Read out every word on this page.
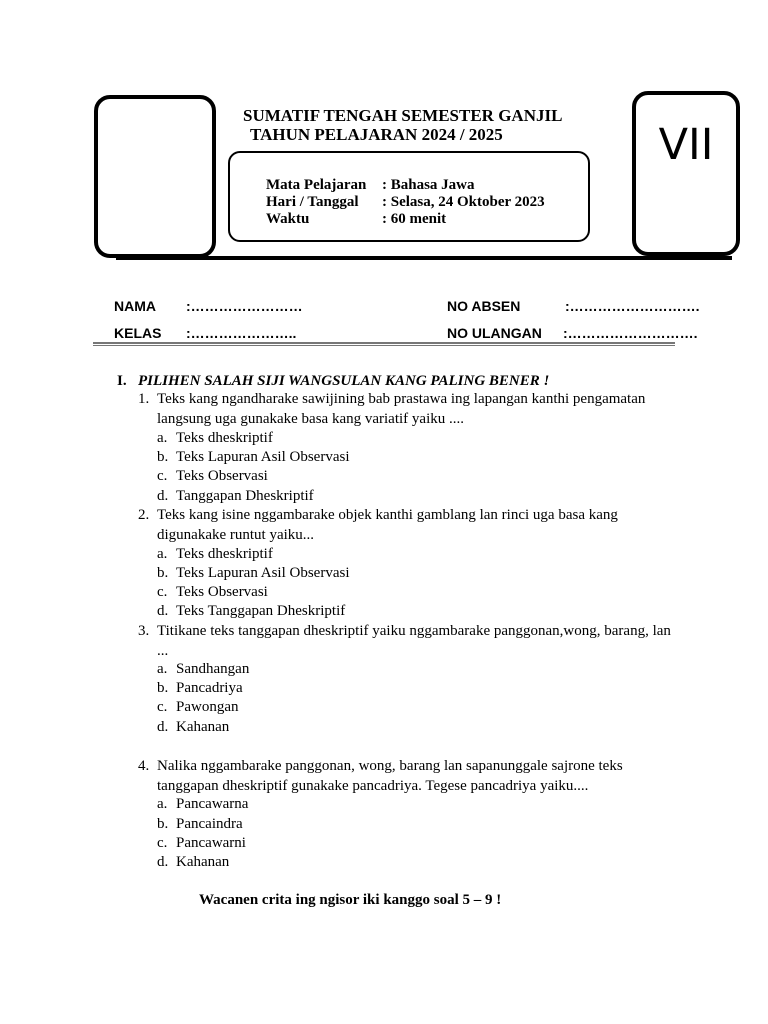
VII
SUMATIF TENGAH SEMESTER GANJIL
TAHUN PELAJARAN 2024 / 2025
Mata Pelajaran : Bahasa Jawa
Hari / Tanggal : Selasa, 24 Oktober 2023
Waktu	: 60 menit
NAMA :……………………	NO ABSEN	:……………………….
KELAS :…………………..	NO ULANGAN :……………………….
I. PILIHEN SALAH SIJI WANGSULAN KANG PALING BENER !
1. Teks kang ngandharake sawijining bab prastawa ing lapangan kanthi pengamatan langsung uga gunakake basa kang variatif yaiku ....
a. Teks dheskriptif
b. Teks Lapuran Asil Observasi
c. Teks Observasi
d. Tanggapan Dheskriptif
2. Teks kang isine nggambarake objek kanthi gamblang lan rinci uga basa kang digunakake runtut yaiku...
a. Teks dheskriptif
b. Teks Lapuran Asil Observasi
c. Teks Observasi
d. Teks Tanggapan Dheskriptif
3. Titikane teks tanggapan dheskriptif yaiku nggambarake panggonan,wong, barang, lan ...
a. Sandhangan
b. Pancadriya
c. Pawongan
d. Kahanan
4. Nalika nggambarake panggonan, wong, barang lan sapanunggale sajrone teks tanggapan dheskriptif gunakake pancadriya. Tegese pancadriya yaiku....
a. Pancawarna
b. Pancaindra
c. Pancawarni
d. Kahanan
Wacanen crita ing ngisor iki kanggo soal 5 – 9 !
